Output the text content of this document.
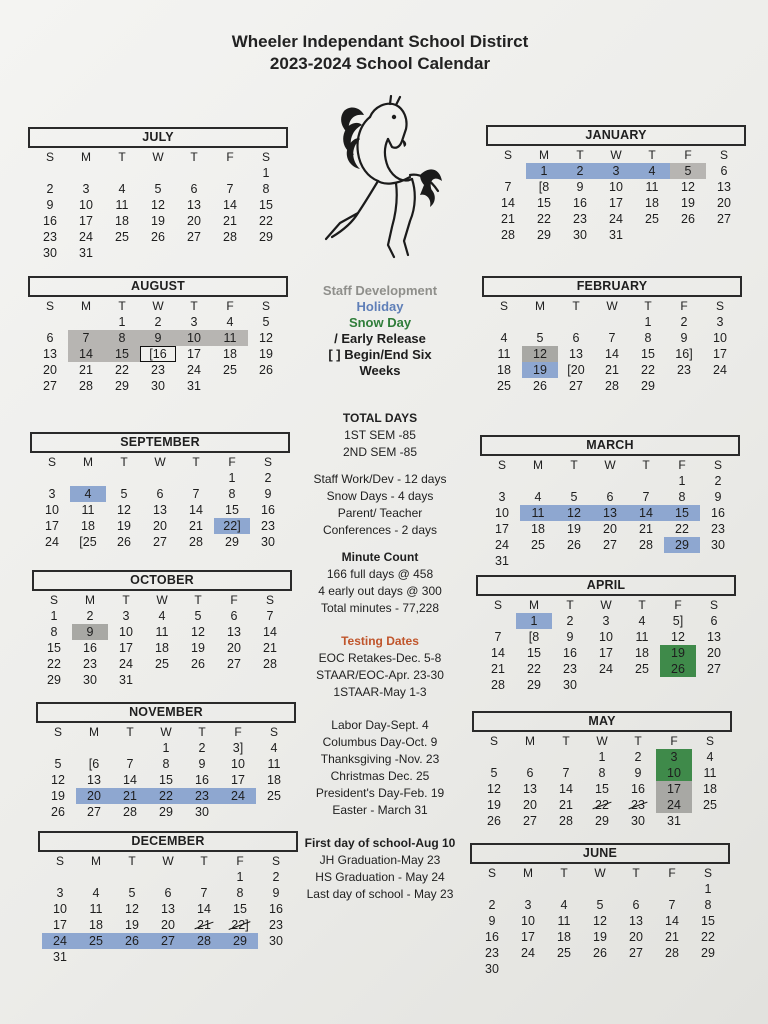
Wheeler Independant School Distirct
2023-2024 School Calendar
JULY
S	M	T	W	T	F	S
						1
2	3	4	5	6	7	8
9	10	11	12	13	14	15
16	17	18	19	20	21	22
23	24	25	26	27	28	29
30	31					
AUGUST
S	M	T	W	T	F	S
		1	2	3	4	5
6	7	8	9	10	11	12
13	14	15	[16	17	18	19
20	21	22	23	24	25	26
27	28	29	30	31		
SEPTEMBER
S	M	T	W	T	F	S
					1	2
3	4	5	6	7	8	9
10	11	12	13	14	15	16
17	18	19	20	21	22]	23
24	[25	26	27	28	29	30
OCTOBER
S	M	T	W	T	F	S
1	2	3	4	5	6	7
8	9	10	11	12	13	14
15	16	17	18	19	20	21
22	23	24	25	26	27	28
29	30	31				
NOVEMBER
S	M	T	W	T	F	S
			1	2	3]	4
5	[6	7	8	9	10	11
12	13	14	15	16	17	18
19	20	21	22	23	24	25
26	27	28	29	30		
DECEMBER
S	M	T	W	T	F	S
					1	2
3	4	5	6	7	8	9
10	11	12	13	14	15	16
17	18	19	20	21	22]	23
24	25	26	27	28	29	30
31						
JANUARY
S	M	T	W	T	F	S
	1	2	3	4	5	6
7	[8	9	10	11	12	13
14	15	16	17	18	19	20
21	22	23	24	25	26	27
28	29	30	31			
FEBRUARY
S	M	T	W	T	F	S
				1	2	3
4	5	6	7	8	9	10
11	12	13	14	15	16]	17
18	19	[20	21	22	23	24
25	26	27	28	29		
MARCH
S	M	T	W	T	F	S
					1	2
3	4	5	6	7	8	9
10	11	12	13	14	15	16
17	18	19	20	21	22	23
24	25	26	27	28	29	30
31						
APRIL
S	M	T	W	T	F	S
	1	2	3	4	5]	6
7	[8	9	10	11	12	13
14	15	16	17	18	19	20
21	22	23	24	25	26	27
28	29	30				
MAY
S	M	T	W	T	F	S
			1	2	3	4
5	6	7	8	9	10	11
12	13	14	15	16	17	18
19	20	21	22	23	24	25
26	27	28	29	30	31	
JUNE
S	M	T	W	T	F	S
						1
2	3	4	5	6	7	8
9	10	11	12	13	14	15
16	17	18	19	20	21	22
23	24	25	26	27	28	29
30						
Staff Development
Holiday
Snow Day
/ Early Release
[ ] Begin/End Six
Weeks
TOTAL DAYS
1ST SEM -85
2ND SEM -85
Staff Work/Dev - 12 days
Snow Days - 4 days
Parent/ Teacher
Conferences - 2 days
Minute Count
166 full days @ 458
4 early out days @ 300
Total minutes - 77,228
Testing Dates
EOC Retakes-Dec. 5-8
STAAR/EOC-Apr. 23-30
1STAAR-May 1-3
Labor Day-Sept. 4
Columbus Day-Oct. 9
Thanksgiving -Nov. 23
Christmas Dec. 25
President's Day-Feb. 19
Easter - March 31
First day of school-Aug 10
JH Graduation-May 23
HS Graduation - May 24
Last day of school - May 23
